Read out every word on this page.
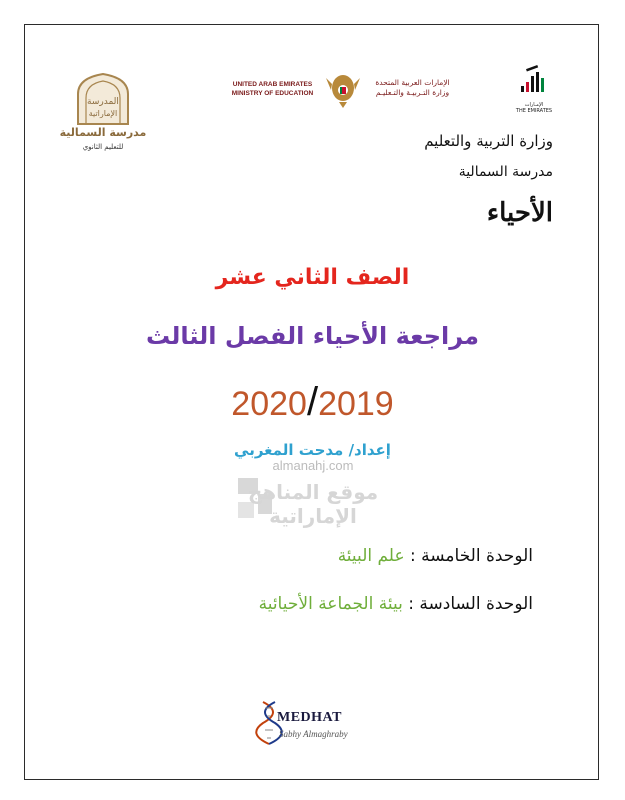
الإمـارات
THE EMIRATES
UNITED ARAB EMIRATES
MINISTRY OF EDUCATION
الإمارات العربية المتحدة
وزارة التـربيـة والتـعليـم
المدرسة
الإماراتية
مدرسة السمالية
للتعليم الثانوي	وزارة التربية والتعليم
مدرسة السمالية
الأحياء
الصف الثاني عشر
مراجعة الأحياء الفصل الثالث
2020/2019
إعداد/ مدحت المغربي
almanahj.com
موقع المناهج الإماراتية
الوحدة الخامسة : علم البيئة
الوحدة السادسة : بيئة الجماعة الأحيائية
MEDHAT
Sabhy Almaghraby
